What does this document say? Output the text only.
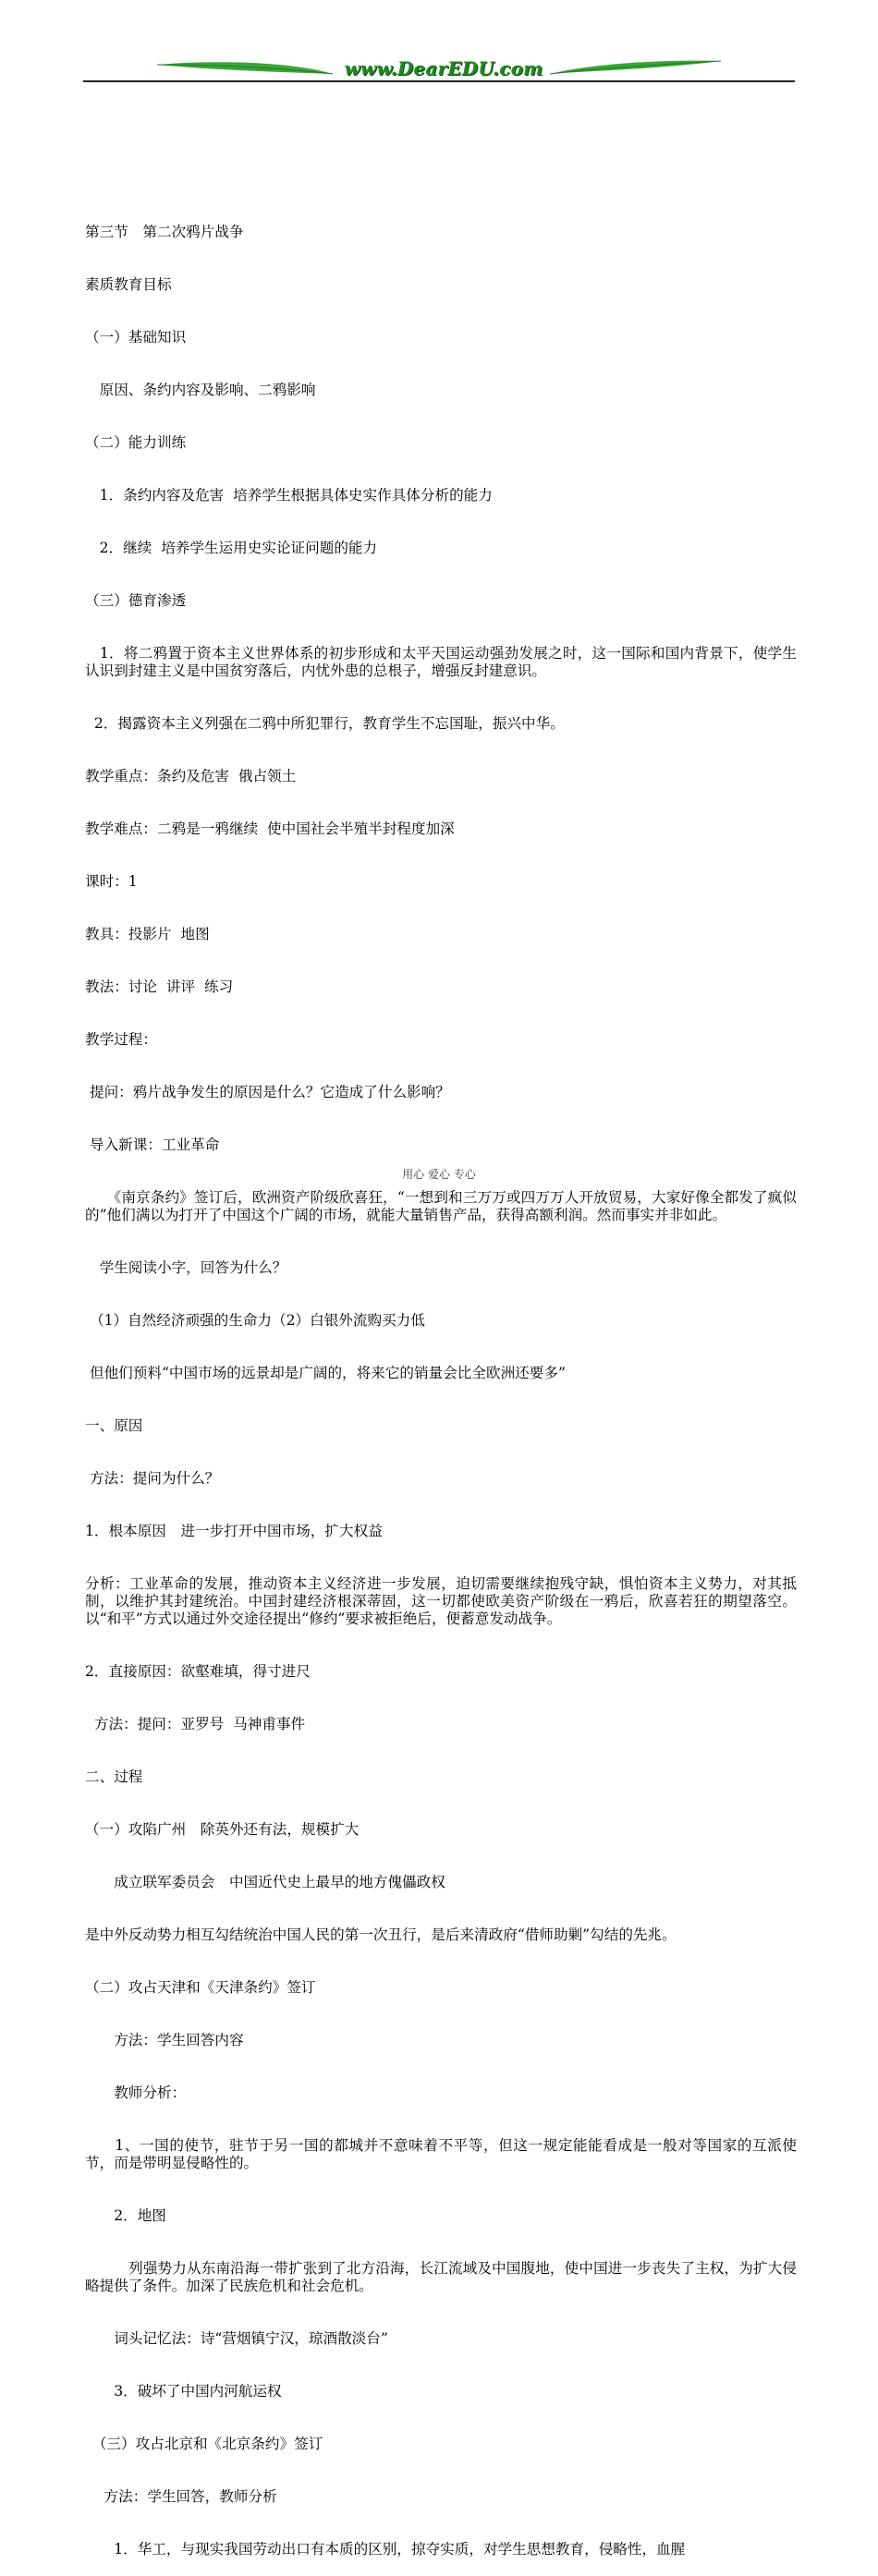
www.DearEDU.com

第三节　第二次鸦片战争

素质教育目标

（一）基础知识

　原因、条约内容及影响、二鸦影响

（二）能力训练

　1．条约内容及危害  培养学生根据具体史实作具体分析的能力

　2．继续  培养学生运用史实论证问题的能力

（三）德育渗透

　1．将二鸦置于资本主义世界体系的初步形成和太平天国运动强劲发展之时，这一国际和国内背景下，使学生认识到封建主义是中国贫穷落后，内忧外患的总根子，增强反封建意识。

2．揭露资本主义列强在二鸦中所犯罪行，教育学生不忘国耻，振兴中华。

教学重点：条约及危害  俄占领土

教学难点：二鸦是一鸦继续  使中国社会半殖半封程度加深

课时：1

教具：投影片  地图

教法：讨论  讲评  练习

教学过程：

提问：鸦片战争发生的原因是什么？它造成了什么影响？

导入新课：工业革命

　　《南京条约》签订后，欧洲资产阶级欣喜狂，“一想到和三万万或四万万人开放贸易，大家好像全都发了疯似的”他们满以为打开了中国这个广阔的市场，就能大量销售产品，获得高额利润。然而事实并非如此。

　学生阅读小字，回答为什么？

（1）自然经济顽强的生命力（2）白银外流购买力低

但他们预料“中国市场的远景却是广阔的，将来它的销量会比全欧洲还要多”

一、原因

方法：提问为什么？

1．根本原因　进一步打开中国市场，扩大权益

分析：工业革命的发展，推动资本主义经济进一步发展，迫切需要继续抱残守缺，惧怕资本主义势力，对其抵制，以维护其封建统治。中国封建经济根深蒂固，这一切都使欧美资产阶级在一鸦后，欣喜若狂的期望落空。以“和平”方式以通过外交途径提出“修约”要求被拒绝后，便蓄意发动战争。

2．直接原因：欲壑难填，得寸进尺

方法：提问：亚罗号  马神甫事件

二、过程

（一）攻陷广州　除英外还有法，规模扩大

　　成立联军委员会　中国近代史上最早的地方傀儡政权

是中外反动势力相互勾结统治中国人民的第一次丑行，是后来清政府“借师助剿”勾结的先兆。

（二）攻占天津和《天津条约》签订

　　方法：学生回答内容

　　教师分析：

　　1、一国的使节，驻节于另一国的都城并不意味着不平等，但这一规定能能看成是一般对等国家的互派使节，而是带明显侵略性的。

　　2．地图

　　　列强势力从东南沿海一带扩张到了北方沿海，长江流域及中国腹地，使中国进一步丧失了主权，为扩大侵略提供了条件。加深了民族危机和社会危机。

　　词头记忆法：诗“营烟镇宁汉，琼酒散淡台”

　　3．破坏了中国内河航运权

　（三）攻占北京和《北京条约》签订

　 方法：学生回答，教师分析

　　1．华工，与现实我国劳动出口有本质的区别，掠夺实质，对学生思想教育，侵略性，血腥

用心 爱心 专心
